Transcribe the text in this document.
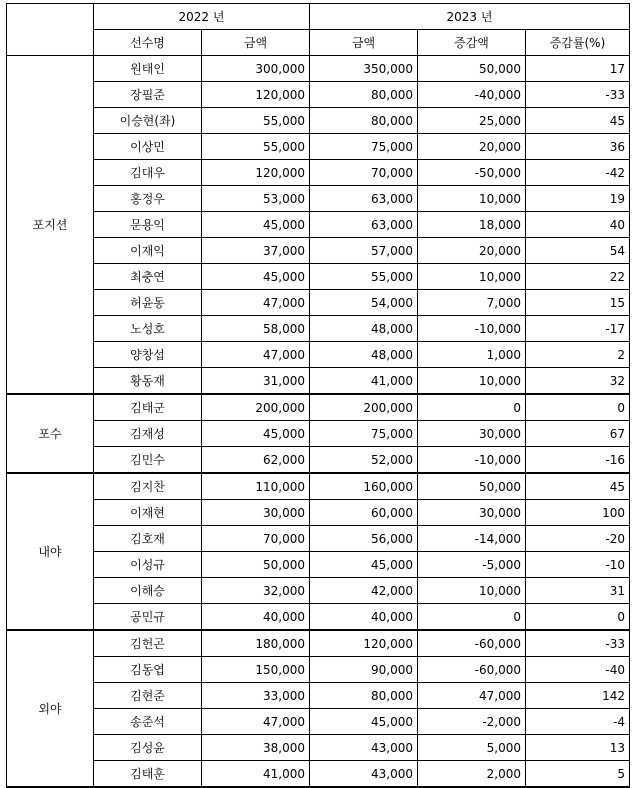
	2022 년		2023 년		
	선수명	금액	금액	증감액	증감률(%)
포지션	원태인	300,000	350,000	50,000	17
	장필준	120,000	80,000	-40,000	-33
	이승현(좌)	55,000	80,000	25,000	45
	이상민	55,000	75,000	20,000	36
	김대우	120,000	70,000	-50,000	-42
	홍정우	53,000	63,000	10,000	19
	문용익	45,000	63,000	18,000	40
	이재익	37,000	57,000	20,000	54
	최충연	45,000	55,000	10,000	22
	허윤동	47,000	54,000	7,000	15
	노성호	58,000	48,000	-10,000	-17
	양창섭	47,000	48,000	1,000	2
	황동재	31,000	41,000	10,000	32
포수	김태군	200,000	200,000	0	0
	김재성	45,000	75,000	30,000	67
	김민수	62,000	52,000	-10,000	-16
내야	김지찬	110,000	160,000	50,000	45
	이재현	30,000	60,000	30,000	100
	김호재	70,000	56,000	-14,000	-20
	이성규	50,000	45,000	-5,000	-10
	이해승	32,000	42,000	10,000	31
	공민규	40,000	40,000	0	0
외야	김헌곤	180,000	120,000	-60,000	-33
	김동엽	150,000	90,000	-60,000	-40
	김현준	33,000	80,000	47,000	142
	송준석	47,000	45,000	-2,000	-4
	김성윤	38,000	43,000	5,000	13
	김태훈	41,000	43,000	2,000	5
